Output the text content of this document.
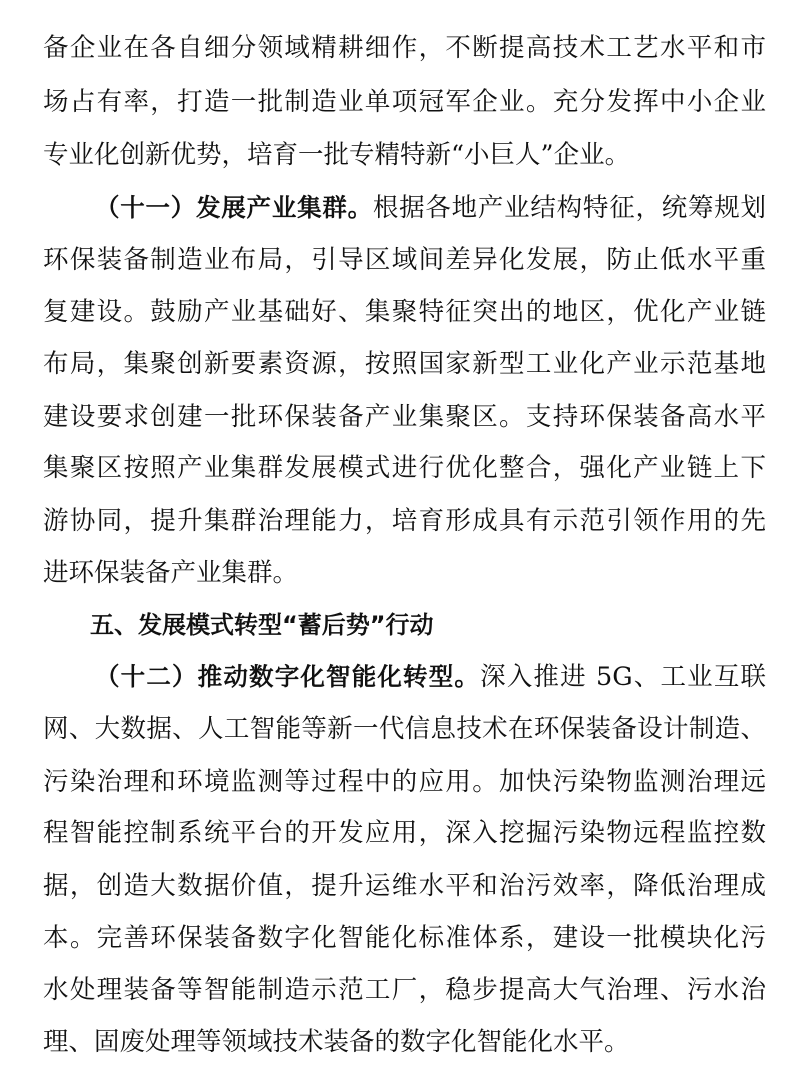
备企业在各自细分领域精耕细作，不断提高技术工艺水平和市
场占有率，打造一批制造业单项冠军企业。充分发挥中小企业
专业化创新优势，培育一批专精特新“小巨人”企业。
（十一）发展产业集群。根据各地产业结构特征，统筹规划
环保装备制造业布局，引导区域间差异化发展，防止低水平重
复建设。鼓励产业基础好、集聚特征突出的地区，优化产业链
布局，集聚创新要素资源，按照国家新型工业化产业示范基地
建设要求创建一批环保装备产业集聚区。支持环保装备高水平
集聚区按照产业集群发展模式进行优化整合，强化产业链上下
游协同，提升集群治理能力，培育形成具有示范引领作用的先
进环保装备产业集群。
五、发展模式转型“蓄后势”行动
（十二）推动数字化智能化转型。深入推进 5G、工业互联
网、大数据、人工智能等新一代信息技术在环保装备设计制造、
污染治理和环境监测等过程中的应用。加快污染物监测治理远
程智能控制系统平台的开发应用，深入挖掘污染物远程监控数
据，创造大数据价值，提升运维水平和治污效率，降低治理成
本。完善环保装备数字化智能化标准体系，建设一批模块化污
水处理装备等智能制造示范工厂，稳步提高大气治理、污水治
理、固废处理等领域技术装备的数字化智能化水平。
